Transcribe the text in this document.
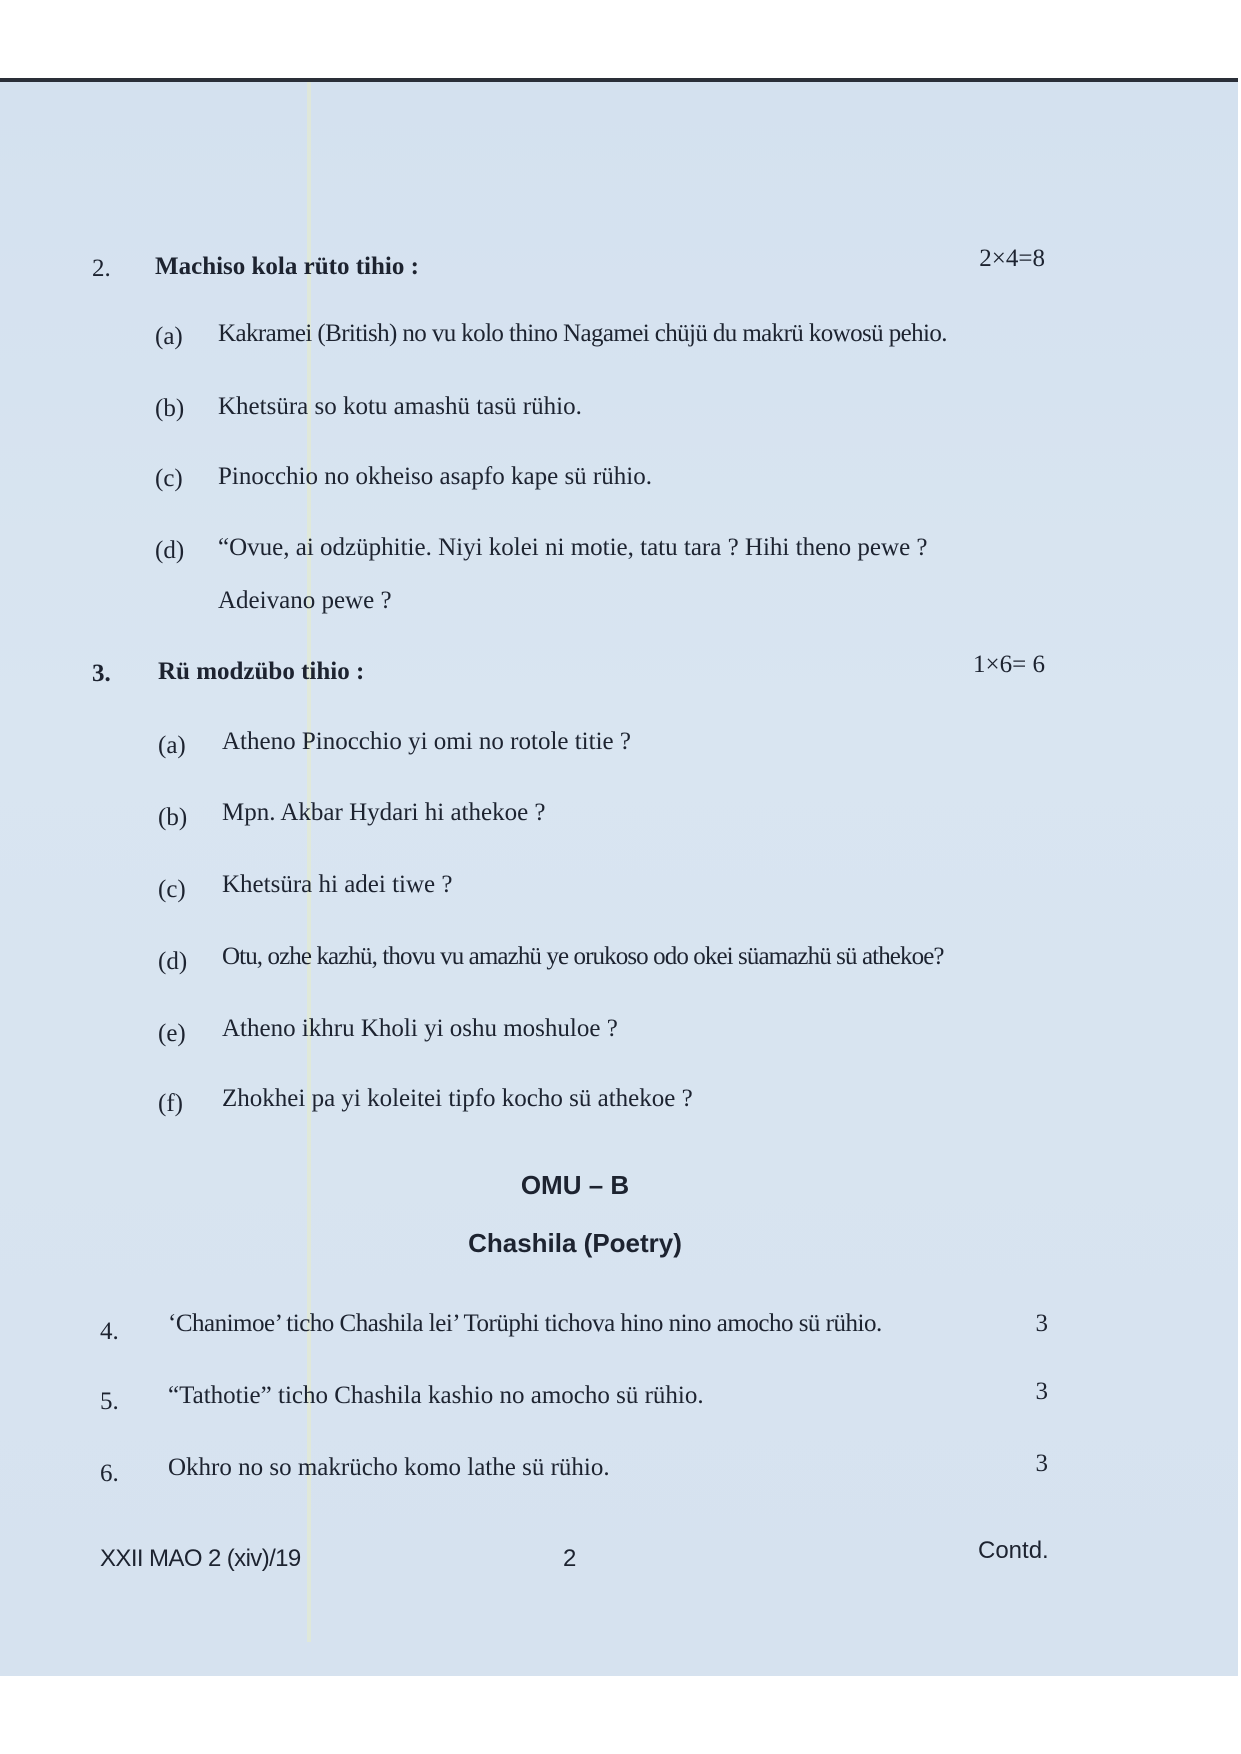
2. Machiso kola rüto tihio :	2×4=8
(a) Kakramei (British) no vu kolo thino Nagamei chüjü du makrü kowosü pehio.
(b) Khetsüra so kotu amashü tasü rühio.
(c) Pinocchio no okheiso asapfo kape sü rühio.
(d) “Ovue, ai odzüphitie. Niyi kolei ni motie, tatu tara ? Hihi theno pewe ?
Adeivano pewe ?
3. Rü modzübo tihio :	1×6= 6
(a) Atheno Pinocchio yi omi no rotole titie ?
(b) Mpn. Akbar Hydari hi athekoe ?
(c) Khetsüra hi adei tiwe ?
(d) Otu, ozhe kazhü, thovu vu amazhü ye orukoso odo okei süamazhü sü athekoe?
(e) Atheno ikhru Kholi yi oshu moshuloe ?
(f) Zhokhei pa yi koleitei tipfo kocho sü athekoe ?
OMU – B
Chashila (Poetry)
4. ‘Chanimoe’ ticho Chashila lei’ Torüphi tichova hino nino amocho sü rühio.	3
5. “Tathotie” ticho Chashila kashio no amocho sü rühio.	3
6. Okhro no so makrücho komo lathe sü rühio.	3
XXII MAO 2 (xiv)/19	2	Contd.
